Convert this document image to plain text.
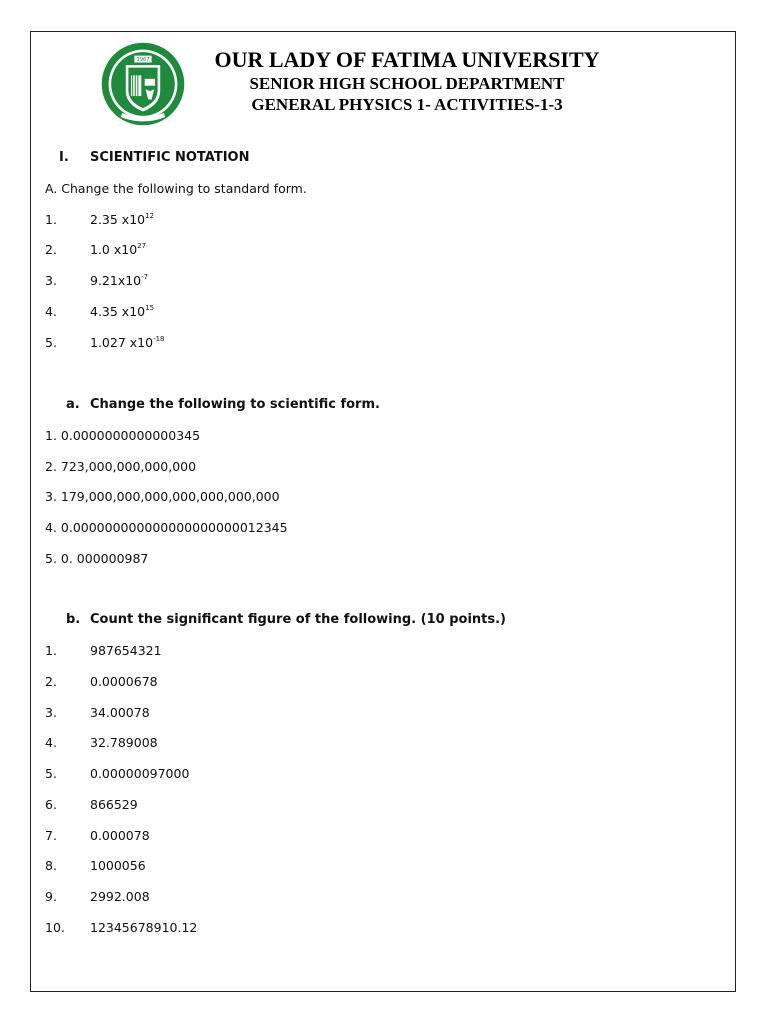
1967	OUR LADY OF FATIMA UNIVERSITY
SENIOR HIGH SCHOOL DEPARTMENT
GENERAL PHYSICS 1- ACTIVITIES-1-3
I. SCIENTIFIC NOTATION
A. Change the following to standard form.
1.	2.35 $x10^{12}$
2.	1.0 $x10^{27}$
3.	$9.21x10^{-7}$
4.	4.35 $x10^{15}$
5.	1.027 $x10^{-18}$
a. Change the following to scientific form.
1. 0.0000000000000345
2. 723,000,000,000,000
3. 179,000,000,000,000,000,000,000
4. 0.000000000000000000000012345
5. 0. 000000987
b. Count the significant figure of the following. (10 points.)
1.	987654321
2.	0.0000678
3.	34.00078
4.	32.789008
5.	0.00000097000
6.	866529
7.	0.000078
8.	1000056
9.	2992.008
10. 12345678910.12
